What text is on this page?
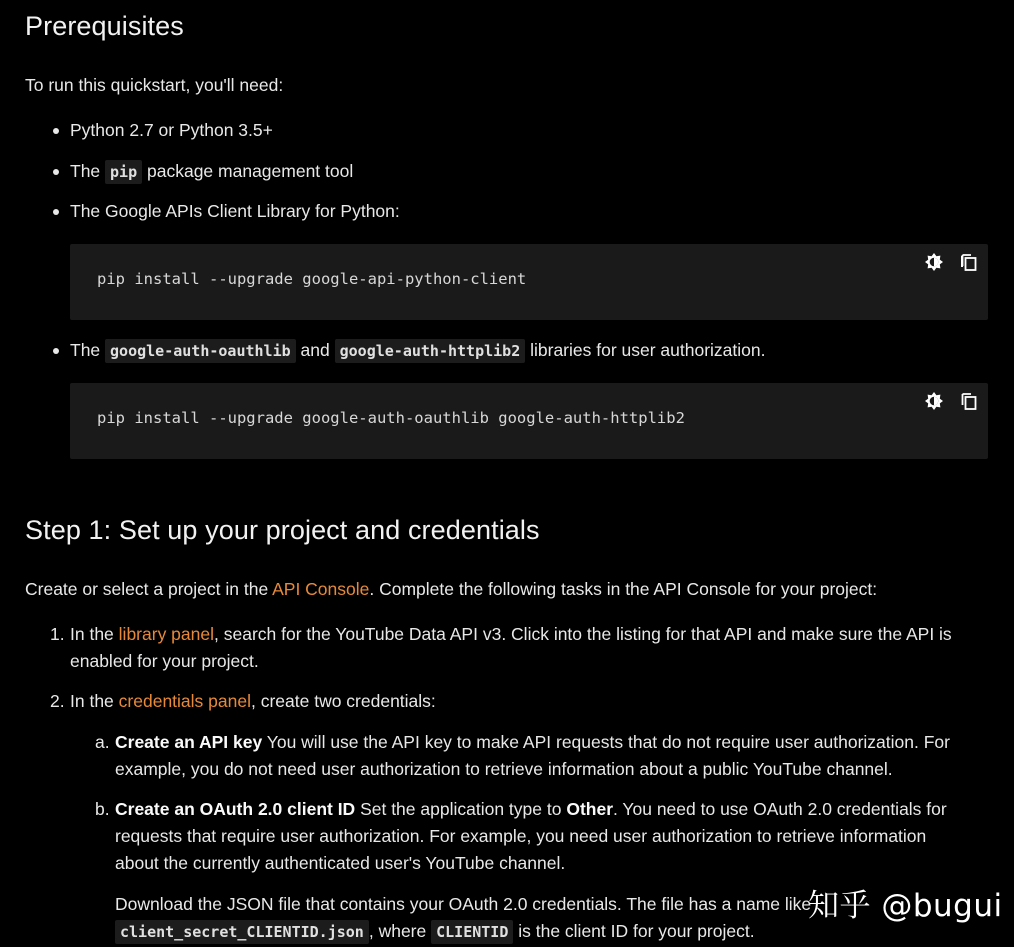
Prerequisites

To run this quickstart, you'll need:

Python 2.7 or Python 3.5+
The pip package management tool
The Google APIs Client Library for Python:
pip install --upgrade google-api-python-client
The google-auth-oauthlib and google-auth-httplib2 libraries for user authorization.
pip install --upgrade google-auth-oauthlib google-auth-httplib2
Step 1: Set up your project and credentials

Create or select a project in the API Console. Complete the following tasks in the API Console for your project:

1. In the library panel, search for the YouTube Data API v3. Click into the listing for that API and make sure the API is enabled for your project.
2. In the credentials panel, create two credentials:
a. Create an API key You will use the API key to make API requests that do not require user authorization. For example, you do not need user authorization to retrieve information about a public YouTube channel.
b. Create an OAuth 2.0 client ID Set the application type to Other. You need to use OAuth 2.0 credentials for requests that require user authorization. For example, you need user authorization to retrieve information about the currently authenticated user's YouTube channel.
Download the JSON file that contains your OAuth 2.0 credentials. The file has a name like client_secret_CLIENTID.json , where CLIENTID is the client ID for your project.
知乎 @bugui
